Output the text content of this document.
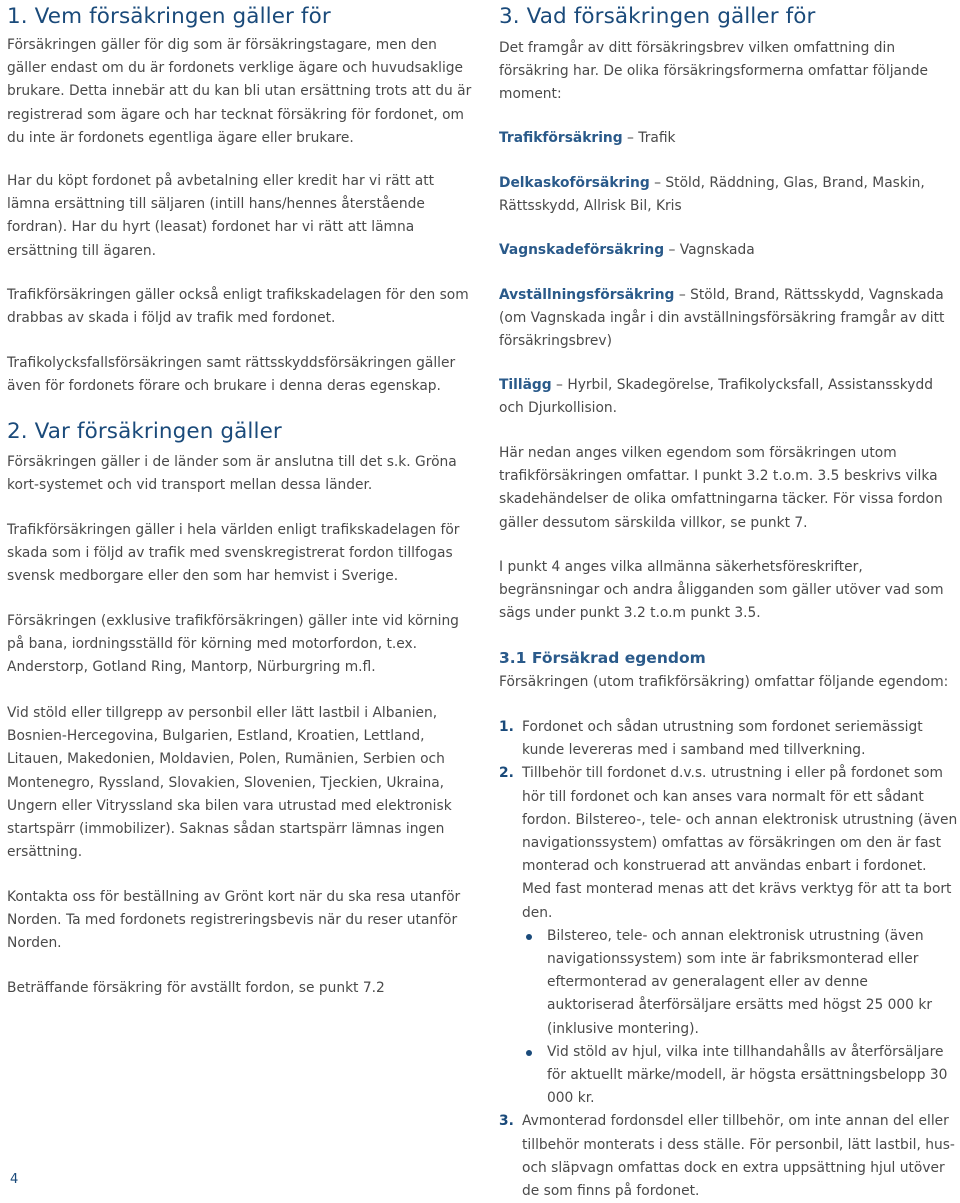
1. Vem försäkringen gäller för

Försäkringen gäller för dig som är försäkringstagare, men den gäller endast om du är fordonets verklige ägare och huvudsaklige brukare. Detta innebär att du kan bli utan ersättning trots att du är registrerad som ägare och har tecknat försäkring för fordonet, om du inte är fordonets egentliga ägare eller brukare.

Har du köpt fordonet på avbetalning eller kredit har vi rätt att lämna ersättning till säljaren (intill hans/hennes återstående fordran). Har du hyrt (leasat) fordonet har vi rätt att lämna ersättning till ägaren.

Trafikförsäkringen gäller också enligt trafikskadelagen för den som drabbas av skada i följd av trafik med fordonet.

Trafikolycksfallsförsäkringen samt rättsskyddsförsäkringen gäller även för fordonets förare och brukare i denna deras egenskap.

2. Var försäkringen gäller

Försäkringen gäller i de länder som är anslutna till det s.k. Gröna kort-systemet och vid transport mellan dessa länder.

Trafikförsäkringen gäller i hela världen enligt trafikskadelagen för skada som i följd av trafik med svenskregistrerat fordon tillfogas svensk medborgare eller den som har hemvist i Sverige.

Försäkringen (exklusive trafikförsäkringen) gäller inte vid körning på bana, iordningsställd för körning med motorfordon, t.ex. Anderstorp, Gotland Ring, Mantorp, Nürburgring m.fl.

Vid stöld eller tillgrepp av personbil eller lätt lastbil i Albanien, Bosnien-Hercegovina, Bulgarien, Estland, Kroatien, Lettland, Litauen, Makedonien, Moldavien, Polen, Rumänien, Serbien och Montenegro, Ryssland, Slovakien, Slovenien, Tjeckien, Ukraina, Ungern eller Vitryssland ska bilen vara utrustad med elektronisk startspärr (immobilizer). Saknas sådan startspärr lämnas ingen ersättning.

Kontakta oss för beställning av Grönt kort när du ska resa utanför Norden. Ta med fordonets registreringsbevis när du reser utanför Norden.

Beträffande försäkring för avställt fordon, se punkt 7.2

3. Vad försäkringen gäller för

Det framgår av ditt försäkringsbrev vilken omfattning din försäkring har. De olika försäkringsformerna omfattar följande moment:

Trafikförsäkring – Trafik

Delkaskoförsäkring – Stöld, Räddning, Glas, Brand, Maskin, Rättsskydd, Allrisk Bil, Kris

Vagnskadeförsäkring – Vagnskada

Avställningsförsäkring – Stöld, Brand, Rättsskydd, Vagnskada (om Vagnskada ingår i din avställningsförsäkring framgår av ditt försäkringsbrev)

Tillägg – Hyrbil, Skadegörelse, Trafikolycksfall, Assistansskydd och Djurkollision.

Här nedan anges vilken egendom som försäkringen utom trafikförsäkringen omfattar. I punkt 3.2 t.o.m. 3.5 beskrivs vilka skadehändelser de olika omfattningarna täcker. För vissa fordon gäller dessutom särskilda villkor, se punkt 7.

I punkt 4 anges vilka allmänna säkerhetsföreskrifter, begränsningar och andra åligganden som gäller utöver vad som sägs under punkt 3.2 t.o.m punkt 3.5.

3.1 Försäkrad egendom

Försäkringen (utom trafikförsäkring) omfattar följande egendom:

1. Fordonet och sådan utrustning som fordonet seriemässigt kunde levereras med i samband med tillverkning.
2. Tillbehör till fordonet d.v.s. utrustning i eller på fordonet som hör till fordonet och kan anses vara normalt för ett sådant fordon. Bilstereo-, tele- och annan elektronisk utrustning (även navigationssystem) omfattas av försäkringen om den är fast monterad och konstruerad att användas enbart i fordonet. Med fast monterad menas att det krävs verktyg för att ta bort den.
Bilstereo, tele- och annan elektronisk utrustning (även navigationssystem) som inte är fabriksmonterad eller eftermonterad av generalagent eller av denne auktoriserad återförsäljare ersätts med högst 25 000 kr (inklusive montering).
Vid stöld av hjul, vilka inte tillhandahålls av återförsäljare för aktuellt märke/modell, är högsta ersättningsbelopp 30 000 kr.
3. Avmonterad fordonsdel eller tillbehör, om inte annan del eller tillbehör monterats i dess ställe. För personbil, lätt lastbil, hus- och släpvagn omfattas dock en extra uppsättning hjul utöver de som finns på fordonet.
4
